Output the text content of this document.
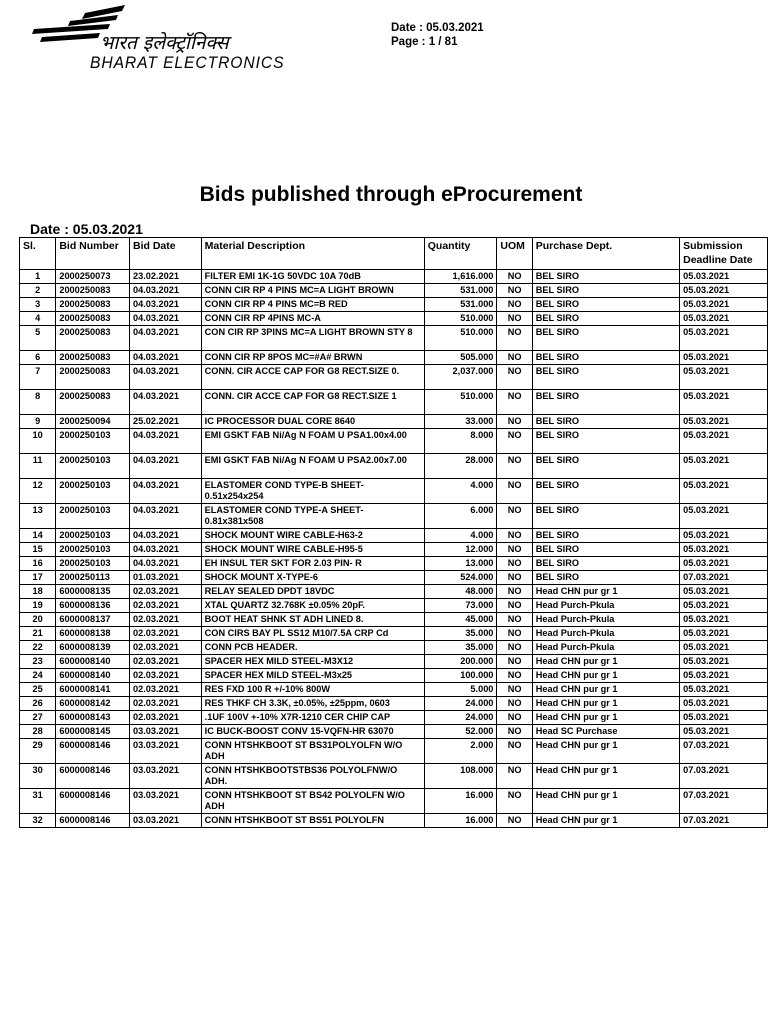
भारत इलेक्ट्रॉनिक्स
BHARAT ELECTRONICS
Date : 05.03.2021
Page : 1 / 81
Bids published through eProcurement
Date : 05.03.2021
Sl.	Bid Number	Bid Date	Material Description	Quantity	UOM	Purchase Dept.	Submission Deadline Date
1	2000250073	23.02.2021	FILTER EMI 1K-1G 50VDC 10A 70dB	1,616.000	NO	BEL SIRO	05.03.2021
2	2000250083	04.03.2021	CONN CIR RP 4 PINS MC=A LIGHT BROWN	531.000	NO	BEL SIRO	05.03.2021
3	2000250083	04.03.2021	CONN CIR RP 4 PINS MC=B RED	531.000	NO	BEL SIRO	05.03.2021
4	2000250083	04.03.2021	CONN CIR RP 4PINS MC-A	510.000	NO	BEL SIRO	05.03.2021
5	2000250083	04.03.2021	CON CIR RP 3PINS MC=A LIGHT BROWN STY 8	510.000	NO	BEL SIRO	05.03.2021
6	2000250083	04.03.2021	CONN CIR RP 8POS MC=#A# BRWN	505.000	NO	BEL SIRO	05.03.2021
7	2000250083	04.03.2021	CONN. CIR ACCE CAP FOR G8 RECT.SIZE 0.	2,037.000	NO	BEL SIRO	05.03.2021
8	2000250083	04.03.2021	CONN. CIR ACCE CAP FOR G8 RECT.SIZE 1	510.000	NO	BEL SIRO	05.03.2021
9	2000250094	25.02.2021	IC PROCESSOR DUAL CORE 8640	33.000	NO	BEL SIRO	05.03.2021
10	2000250103	04.03.2021	EMI GSKT FAB Ni/Ag N FOAM U PSA1.00x4.00	8.000	NO	BEL SIRO	05.03.2021
11	2000250103	04.03.2021	EMI GSKT FAB Ni/Ag N FOAM U PSA2.00x7.00	28.000	NO	BEL SIRO	05.03.2021
12	2000250103	04.03.2021	ELASTOMER COND TYPE-B SHEET-0.51x254x254	4.000	NO	BEL SIRO	05.03.2021
13	2000250103	04.03.2021	ELASTOMER COND TYPE-A SHEET-0.81x381x508	6.000	NO	BEL SIRO	05.03.2021
14	2000250103	04.03.2021	SHOCK MOUNT WIRE CABLE-H63-2	4.000	NO	BEL SIRO	05.03.2021
15	2000250103	04.03.2021	SHOCK MOUNT WIRE CABLE-H95-5	12.000	NO	BEL SIRO	05.03.2021
16	2000250103	04.03.2021	EH INSUL TER SKT FOR 2.03 PIN- R	13.000	NO	BEL SIRO	05.03.2021
17	2000250113	01.03.2021	SHOCK MOUNT X-TYPE-6	524.000	NO	BEL SIRO	07.03.2021
18	6000008135	02.03.2021	RELAY SEALED DPDT 18VDC	48.000	NO	Head CHN pur gr 1	05.03.2021
19	6000008136	02.03.2021	XTAL QUARTZ 32.768K ±0.05% 20pF.	73.000	NO	Head Purch-Pkula	05.03.2021
20	6000008137	02.03.2021	BOOT HEAT SHNK ST ADH LINED 8.	45.000	NO	Head Purch-Pkula	05.03.2021
21	6000008138	02.03.2021	CON CIRS BAY PL SS12 M10/7.5A CRP Cd	35.000	NO	Head Purch-Pkula	05.03.2021
22	6000008139	02.03.2021	CONN PCB HEADER.	35.000	NO	Head Purch-Pkula	05.03.2021
23	6000008140	02.03.2021	SPACER HEX MILD STEEL-M3X12	200.000	NO	Head CHN pur gr 1	05.03.2021
24	6000008140	02.03.2021	SPACER HEX MILD STEEL-M3x25	100.000	NO	Head CHN pur gr 1	05.03.2021
25	6000008141	02.03.2021	RES FXD 100 R +/-10% 800W	5.000	NO	Head CHN pur gr 1	05.03.2021
26	6000008142	02.03.2021	RES THKF CH 3.3K, ±0.05%, ±25ppm, 0603	24.000	NO	Head CHN pur gr 1	05.03.2021
27	6000008143	02.03.2021	.1UF 100V +-10% X7R-1210 CER CHIP CAP	24.000	NO	Head CHN pur gr 1	05.03.2021
28	6000008145	03.03.2021	IC BUCK-BOOST CONV 15-VQFN-HR 63070	52.000	NO	Head SC Purchase	05.03.2021
29	6000008146	03.03.2021	CONN HTSHKBOOT ST BS31POLYOLFN W/O ADH	2.000	NO	Head CHN pur gr 1	07.03.2021
30	6000008146	03.03.2021	CONN HTSHKBOOTSTBS36 POLYOLFNW/O ADH.	108.000	NO	Head CHN pur gr 1	07.03.2021
31	6000008146	03.03.2021	CONN HTSHKBOOT ST BS42 POLYOLFN W/O ADH	16.000	NO	Head CHN pur gr 1	07.03.2021
32	6000008146	03.03.2021	CONN HTSHKBOOT ST BS51 POLYOLFN	16.000	NO	Head CHN pur gr 1	07.03.2021
